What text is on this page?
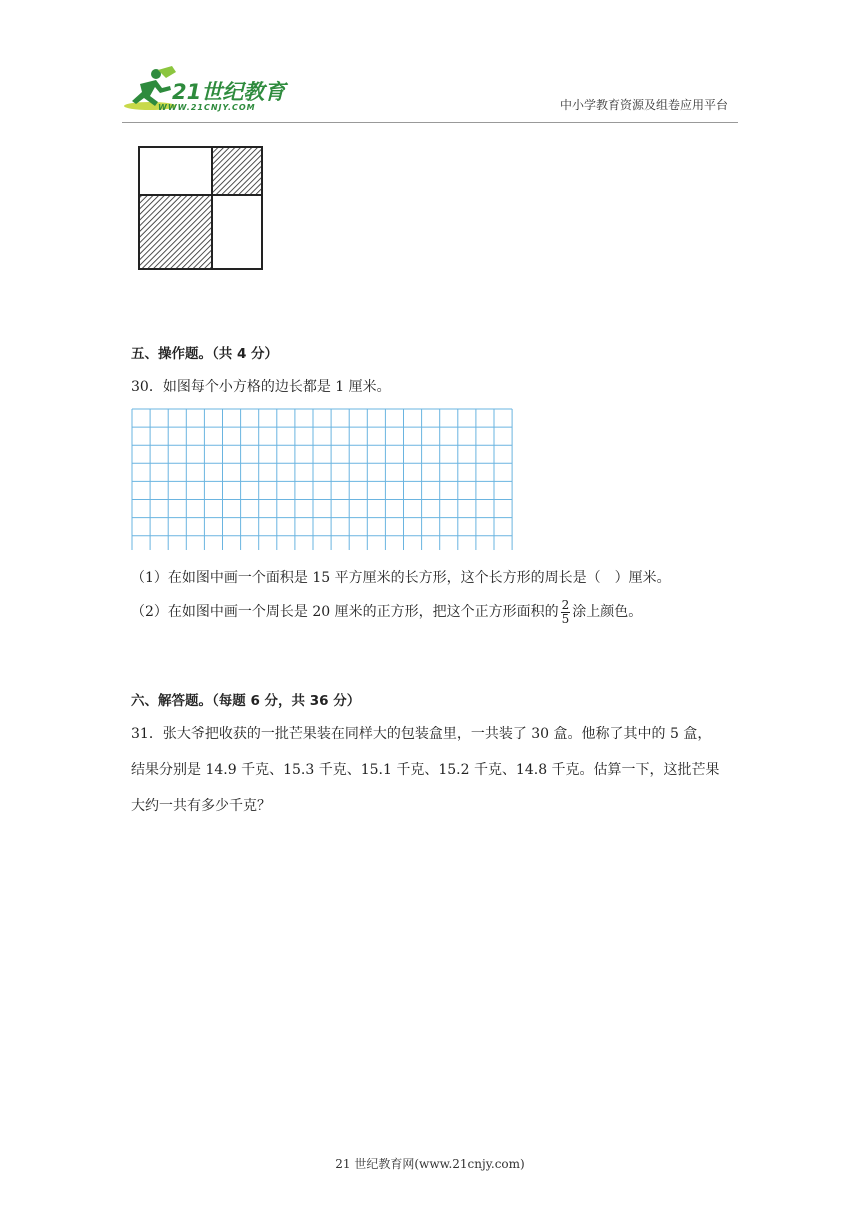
21世纪教育
WWW.21CNJY.COM	中小学教育资源及组卷应用平台
五、操作题。（共 4 分）
30．如图每个小方格的边长都是 1 厘米。
（1）在如图中画一个面积是 15 平方厘米的长方形，这个长方形的周长是（　）厘米。
（2）在如图中画一个周长是 20 厘米的正方形，把这个正方形面积的 $\frac{2}{5}$ 涂上颜色。
六、解答题。（每题 6 分，共 36 分）
31．张大爷把收获的一批芒果装在同样大的包装盒里，一共装了 30 盒。他称了其中的 5 盒，
结果分别是 14.9 千克、15.3 千克、15.1 千克、15.2 千克、14.8 千克。估算一下，这批芒果
大约一共有多少千克？
21 世纪教育网(www.21cnjy.com)
